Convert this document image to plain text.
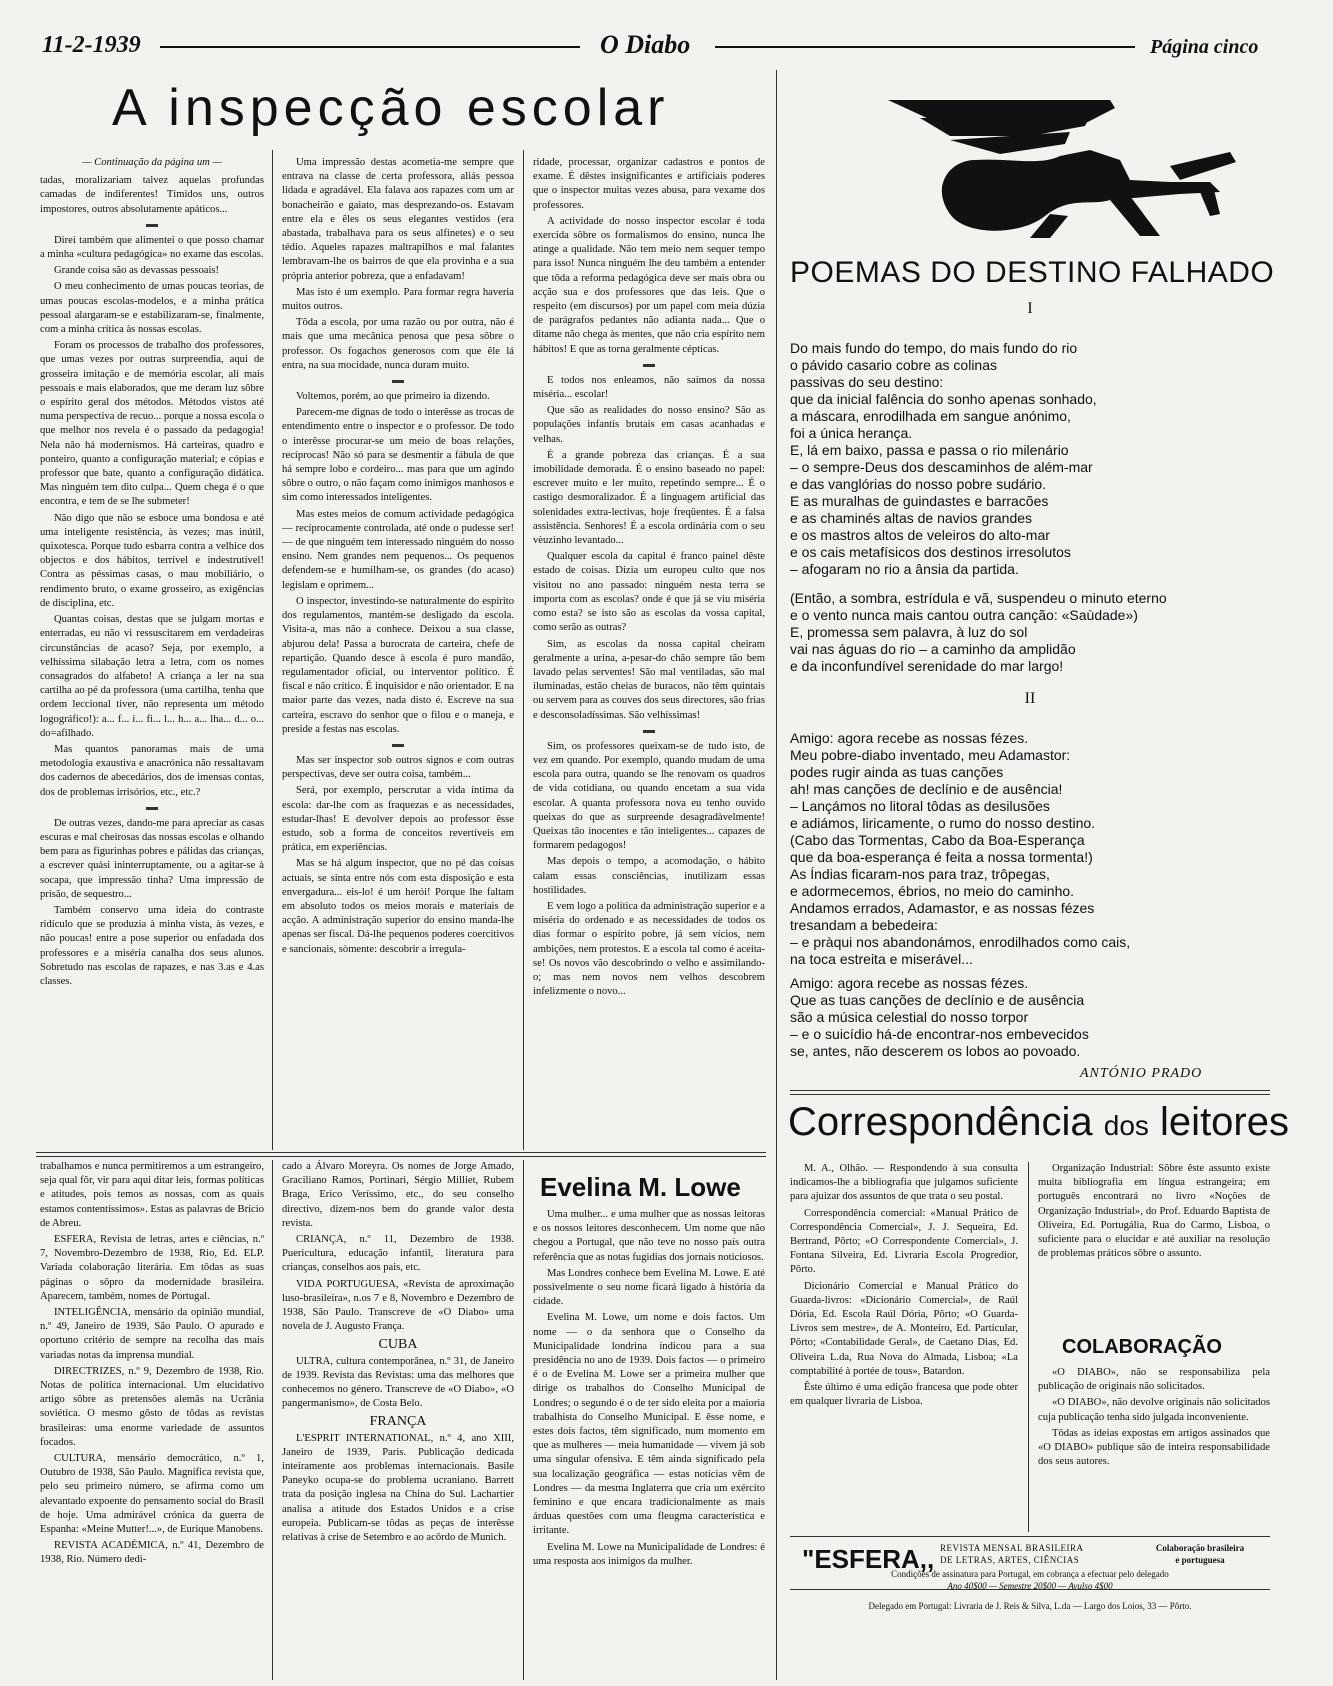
11-2-1939	O Diabo	Página cinco
A inspecção escolar
— Continuação da página um —

tadas, moralizariam talvez aquelas profundas camadas de indiferentes! Tímidos uns, outros impostores, outros absolutamente apáticos...

Direi também que alimentei o que posso chamar a minha «cultura pedagógica» no exame das escolas.

Grande coisa são as devassas pessoais!

O meu conhecimento de umas poucas teorias, de umas poucas escolas-modelos, e a minha prática pessoal alargaram-se e estabilizaram-se, finalmente, com a minha crítica às nossas escolas.

Foram os processos de trabalho dos professores, que umas vezes por outras surpreendia, aqui de grosseira imitação e de memória escolar, ali mais pessoais e mais elaborados, que me deram luz sôbre o espírito geral dos métodos. Métodos vistos até numa perspectiva de recuo... porque a nossa escola o que melhor nos revela é o passado da pedagogia! Nela não há modernismos. Há carteiras, quadro e ponteiro, quanto a configuração material; e cópias e professor que bate, quanto a configuração didática. Mas ninguém tem dito culpa... Quem chega é o que encontra, e tem de se lhe submeter!

Não digo que não se esboce uma bondosa e até uma inteligente resistência, às vezes; mas inútil, quixotesca. Porque tudo esbarra contra a velhice dos objectos e dos hábitos, terrível e indestrutível! Contra as péssimas casas, o mau mobiliário, o rendimento bruto, o exame grosseiro, as exigências de disciplina, etc.

Quantas coisas, destas que se julgam mortas e enterradas, eu não vi ressuscitarem em verdadeiras circunstâncias de acaso? Seja, por exemplo, a velhíssima silabação letra a letra, com os nomes consagrados do alfabeto! A criança a ler na sua cartilha ao pé da professora (uma cartilha, tenha que ordem leccional tiver, não representa um método logográfico!): a... f... i... fi... l... h... a... lha... d... o... do=afilhado.

Mas quantos panoramas mais de uma metodologia exaustiva e anacrónica não ressaltavam dos cadernos de abecedários, dos de imensas contas, dos de problemas irrisórios, etc., etc.?

De outras vezes, dando-me para apreciar as casas escuras e mal cheirosas das nossas escolas e olhando bem para as figurinhas pobres e pálidas das crianças, a escrever quási ininterruptamente, ou a agitar-se à socapa, que impressão tinha? Uma impressão de prisão, de sequestro...

Também conservo uma ideia do contraste ridículo que se produzia à minha vista, às vezes, e não poucas! entre a pose superior ou enfadada dos professores e a miséria canalha dos seus alunos. Sobretudo nas escolas de rapazes, e nas 3.as e 4.as classes.

Uma impressão destas acometia-me sempre que entrava na classe de certa professora, aliás pessoa lidada e agradável. Ela falava aos rapazes com um ar bonacheirão e gaiato, mas desprezando-os. Estavam entre ela e êles os seus elegantes vestidos (era abastada, trabalhava para os seus alfinetes) e o seu tédio. Aqueles rapazes maltrapilhos e mal falantes lembravam-lhe os bairros de que ela provinha e a sua própria anterior pobreza, que a enfadavam!

Mas isto é um exemplo. Para formar regra haveria muitos outros.

Tôda a escola, por uma razão ou por outra, não é mais que uma mecânica penosa que pesa sôbre o professor. Os fogachos generosos com que êle lá entra, na sua mocidade, nunca duram muito.

Voltemos, porém, ao que primeiro ia dizendo.

Parecem-me dignas de todo o interêsse as trocas de entendimento entre o inspector e o professor. De todo o interêsse procurar-se um meio de boas relações, recíprocas! Não só para se desmentir a fábula de que há sempre lobo e cordeiro... mas para que um agindo sôbre o outro, o não façam como inimigos manhosos e sim como interessados inteligentes.

Mas estes meios de comum actividade pedagógica — recíprocamente controlada, até onde o pudesse ser! — de que ninguém tem interessado ninguém do nosso ensino. Nem grandes nem pequenos... Os pequenos defendem-se e humilham-se, os grandes (do acaso) legislam e oprimem...

O inspector, investindo-se naturalmente do espírito dos regulamentos, mantém-se desligado da escola. Visita-a, mas não a conhece. Deixou a sua classe, abjurou dela! Passa a burocrata de carteira, chefe de repartição. Quando desce à escola é puro mandão, regulamentador oficial, ou interventor político. É fiscal e não crítico. É inquisidor e não orientador. E na maior parte das vezes, nada disto é. Escreve na sua carteira, escravo do senhor que o filou e o maneja, e preside a festas nas escolas.

Mas ser inspector sob outros signos e com outras perspectivas, deve ser outra coisa, também...

Será, por exemplo, perscrutar a vida íntima da escola: dar-lhe com as fraquezas e as necessidades, estudar-lhas! E devolver depois ao professor êsse estudo, sob a forma de conceitos revertíveis em prática, em experiências.

Mas se há algum inspector, que no pé das coisas actuais, se sinta entre nós com esta disposição e esta envergadura... eis-lo! é um herói! Porque lhe faltam em absoluto todos os meios morais e materiais de acção. A administração superior do ensino manda-lhe apenas ser fiscal. Dá-lhe pequenos poderes coercitivos e sancionais, sòmente: descobrir a irregula-

ridade, processar, organizar cadastros e pontos de exame. É dêstes insignificantes e artificiais poderes que o inspector muitas vezes abusa, para vexame dos professores.

A actividade do nosso inspector escolar é toda exercida sôbre os formalismos do ensino, nunca lhe atinge a qualidade. Não tem meio nem sequer tempo para isso! Nunca ninguém lhe deu também a entender que tôda a reforma pedagógica deve ser mais obra ou acção sua e dos professores que das leis. Que o respeito (em discursos) por um papel com meia dúzia de parágrafos pedantes não adianta nada... Que o ditame não chega às mentes, que não cria espírito nem hábitos! E que as torna geralmente cépticas.

E todos nos enleamos, não saímos da nossa miséria... escolar!

Que são as realidades do nosso ensino? São as populações infantis brutais em casas acanhadas e velhas.

É a grande pobreza das crianças. É a sua imobilidade demorada. É o ensino baseado no papel: escrever muito e ler muito, repetindo sempre... É o castigo desmoralizador. É a linguagem artificial das solenidades extra-lectivas, hoje freqüentes. É a falsa assistência. Senhores! É a escola ordinária com o seu vèuzinho levantado...

Qualquer escola da capital é franco painel dêste estado de coisas. Dizia um europeu culto que nos visitou no ano passado: ninguém nesta terra se importa com as escolas? onde é que já se viu miséria como esta? se isto são as escolas da vossa capital, como serão as outras?

Sim, as escolas da nossa capital cheiram geralmente a urina, a-pesar-do chão sempre tão bem lavado pelas serventes! São mal ventiladas, são mal iluminadas, estão cheias de buracos, não têm quintais ou servem para as couves dos seus directores, são frias e desconsoladíssimas. São velhíssimas!

Sim, os professores queixam-se de tudo isto, de vez em quando. Por exemplo, quando mudam de uma escola para outra, quando se lhe renovam os quadros de vida cotidiana, ou quando encetam a sua vida escolar. A quanta professora nova eu tenho ouvido queixas do que as surpreende desagradàvelmente! Queixas tão inocentes e tão inteligentes... capazes de formarem pedagogos!

Mas depois o tempo, a acomodação, o hábito calam essas consciências, inutilizam essas hostilidades.

E vem logo a política da administração superior e a miséria do ordenado e as necessidades de todos os dias formar o espírito pobre, já sem vícios, nem ambições, nem protestos. E a escola tal como é aceita-se! Os novos vão descobrindo o velho e assimilando-o; mas nem novos nem velhos descobrem infelizmente o novo...

POEMAS DO DESTINO FALHADO
I
Do mais fundo do tempo, do mais fundo do rio
o pávido casario cobre as colinas
passivas do seu destino:
que da inicial falência do sonho apenas sonhado,
a máscara, enrodilhada em sangue anónimo,
foi a única herança.
E, lá em baixo, passa e passa o rio milenário
– o sempre-Deus dos descaminhos de além-mar
e das vanglórias do nosso pobre sudário.
E as muralhas de guindastes e barracões
e as chaminés altas de navios grandes
e os mastros altos de veleiros do alto-mar
e os cais metafísicos dos destinos irresolutos
– afogaram no rio a ânsia da partida.
(Então, a sombra, estrídula e vã, suspendeu o minuto eterno
e o vento nunca mais cantou outra canção: «Saùdade»)
E, promessa sem palavra, à luz do sol
vai nas águas do rio – a caminho da amplidão
e da inconfundível serenidade do mar largo!
II
Amigo: agora recebe as nossas fézes.
Meu pobre-diabo inventado, meu Adamastor:
podes rugir ainda as tuas canções
ah! mas canções de declínio e de ausência!
– Lançámos no litoral tôdas as desilusões
e adiámos, liricamente, o rumo do nosso destino.
(Cabo das Tormentas, Cabo da Boa-Esperança
que da boa-esperança é feita a nossa tormenta!)
As Índias ficaram-nos para traz, trôpegas,
e adormecemos, ébrios, no meio do caminho.
Andamos errados, Adamastor, e as nossas fézes
tresandam a bebedeira:
– e pràqui nos abandonámos, enrodilhados como cais,
na toca estreita e miserável...
Amigo: agora recebe as nossas fézes.
Que as tuas canções de declínio e de ausência
são a música celestial do nosso torpor
– e o suicídio há-de encontrar-nos embevecidos
se, antes, não descerem os lobos ao povoado.
ANTÓNIO PRADO
Correspondência dos leitores

M. A., Olhão. — Respondendo à sua consulta indicamos-lhe a bibliografia que julgamos suficiente para ajuizar dos assuntos de que trata o seu postal.

Correspondência comercial: «Manual Prático de Correspondência Comercial», J. J. Sequeira, Ed. Bertrand, Pôrto; «O Correspondente Comercial», J. Fontana Silveira, Ed. Livraria Escola Progredior, Pôrto.

Dicionário Comercial e Manual Prático do Guarda-livros: «Dicionário Comercial», de Raúl Dória, Ed. Escola Raúl Dória, Pôrto; «O Guarda-Livros sem mestre», de A. Monteiro, Ed. Particular, Pôrto; «Contabilidade Geral», de Caetano Dias, Ed. Oliveira L.da, Rua Nova do Almada, Lisboa; «La comptabilité à portée de tous», Batardon.

Êste último é uma edição francesa que pode obter em qualquer livraria de Lisboa.

Organização Industrial: Sôbre êste assunto existe muita bibliografia em língua estrangeira; em português encontrará no livro «Noções de Organização Industrial», do Prof. Eduardo Baptista de Oliveira, Ed. Portugália, Rua do Carmo, Lisboa, o suficiente para o elucidar e até auxiliar na resolução de problemas práticos sôbre o assunto.

COLABORAÇÃO

«O DIABO», não se responsabiliza pela publicação de originais não solicitados.

«O DIABO», não devolve originais não solicitados cuja publicação tenha sido julgada inconveniente.

Tôdas as ideias expostas em artigos assinados que «O DIABO» publique são de inteira responsabilidade dos seus autores.

"ESFERA,, REVISTA MENSAL BRASILEIRA
DE LETRAS, ARTES, CIÊNCIAS
Colaboração brasileira
e portuguesa
Condições de assinatura para Portugal, em cobrança a efectuar pelo delegado
Ano 40$00 — Semestre 20$00 — Avulso 4$00
Delegado em Portugal: Livraria de J. Reis & Silva, L.da — Largo dos Loios, 33 — Pôrto.

trabalhamos e nunca permitiremos a um estrangeiro, seja qual fôr, vir para aqui ditar leis, formas políticas e atitudes, pois temos as nossas, com as quais estamos contentíssimos». Estas as palavras de Brício de Abreu.

ESFERA, Revista de letras, artes e ciências, n.º 7, Novembro-Dezembro de 1938, Rio, Ed. ELP. Variada colaboração literária. Em tôdas as suas páginas o sôpro da modernidade brasileira. Aparecem, também, nomes de Portugal.

INTELIGÊNCIA, mensário da opinião mundial, n.º 49, Janeiro de 1939, São Paulo. O apurado e oportuno critério de sempre na recolha das mais variadas notas da imprensa mundial.

DIRECTRIZES, n.º 9, Dezembro de 1938, Rio. Notas de política internacional. Um elucidativo artigo sôbre as pretensões alemãs na Ucrânia soviética. O mesmo gôsto de tôdas as revistas brasileiras: uma enorme variedade de assuntos focados.

CULTURA, mensário democrático, n.º 1, Outubro de 1938, São Paulo. Magnífica revista que, pelo seu primeiro número, se afirma como um alevantado expoente do pensamento social do Brasil de hoje. Uma admirável crónica da guerra de Espanha: «Meine Mutter!...», de Eurique Manobens.

REVISTA ACADÉMICA, n.º 41, Dezembro de 1938, Rio. Número dedi-

cado a Álvaro Moreyra. Os nomes de Jorge Amado, Graciliano Ramos, Portinari, Sérgio Milliet, Rubem Braga, Erico Veríssimo, etc., do seu conselho directivo, dizem-nos bem do grande valor desta revista.

CRIANÇA, n.º 11, Dezembro de 1938. Puericultura, educação infantil, literatura para crianças, conselhos aos pais, etc.

VIDA PORTUGUESA, «Revista de aproximação luso-brasileira», n.os 7 e 8, Novembro e Dezembro de 1938, São Paulo. Transcreve de «O Diabo» uma novela de J. Augusto França.

CUBA

ULTRA, cultura contemporânea, n.º 31, de Janeiro de 1939. Revista das Revistas: uma das melhores que conhecemos no género. Transcreve de «O Diabo», «O pangermanismo», de Costa Belo.

FRANÇA

L'ESPRIT INTERNATIONAL, n.º 4, ano XIII, Janeiro de 1939, Paris. Publicação dedicada inteiramente aos problemas internacionais. Basile Paneyko ocupa-se do problema ucraniano. Barrett trata da posição inglesa na China do Sul. Lachartier analisa a atitude dos Estados Unidos e a crise europeia. Publicam-se tôdas as peças de interêsse relativas à crise de Setembro e ao acôrdo de Munich.

Evelina M. Lowe

Uma mulher... e uma mulher que as nossas leitoras e os nossos leitores desconhecem. Um nome que não chegou a Portugal, que não teve no nosso país outra referência que as notas fugidias dos jornais noticiosos.

Mas Londres conhece bem Evelina M. Lowe. E até possìvelmente o seu nome ficará ligado à história da cidade.

Evelina M. Lowe, um nome e dois factos. Um nome — o da senhora que o Conselho da Municipalidade londrina indicou para a sua presidência no ano de 1939. Dois factos — o primeiro é o de Evelina M. Lowe ser a primeira mulher que dirige os trabalhos do Conselho Municipal de Londres; o segundo é o de ter sido eleita por a maioria trabalhista do Conselho Municipal. E êsse nome, e estes dois factos, têm significado, num momento em que as mulheres — meia humanidade — vivem já sob uma singular ofensiva. E têm ainda significado pela sua localização geográfica — estas notícias vêm de Londres — da mesma Inglaterra que cria um exército feminino e que encara tradicionalmente as mais árduas questões com uma fleugma característica e irritante.

Evelina M. Lowe na Municipalidade de Londres: é uma resposta aos inimigos da mulher.
